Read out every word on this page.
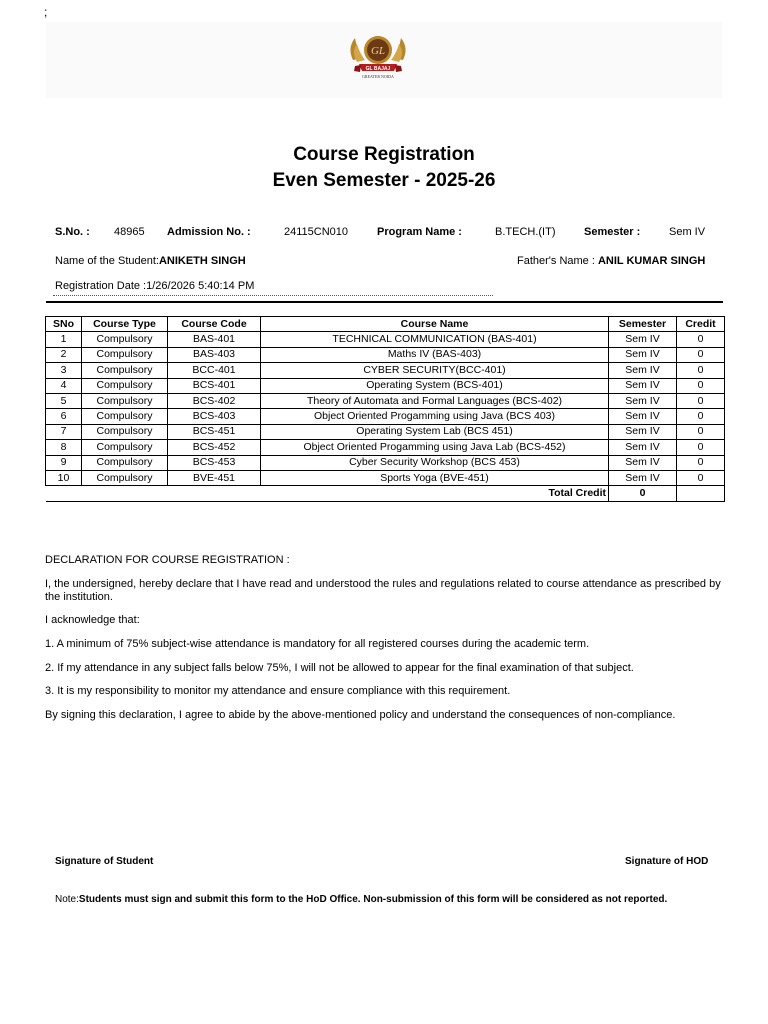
;
GL
GL BAJAJ
GREATER NOIDA
Course Registration
Even Semester - 2025-26
S.No. : 48965 Admission No. :	24115CN010	Program Name :	B.TECH.(IT)	Semester :	Sem IV
Name of the Student:ANIKETH SINGH	Father's Name : ANIL KUMAR SINGH
Registration Date :1/26/2026 5:40:14 PM
SNo	Course Type	Course Code	Course Name	Semester	Credit
1	Compulsory	BAS-401	TECHNICAL COMMUNICATION (BAS-401)	Sem IV	0
2	Compulsory	BAS-403	Maths IV (BAS-403)	Sem IV	0
3	Compulsory	BCC-401	CYBER SECURITY(BCC-401)	Sem IV	0
4	Compulsory	BCS-401	Operating System (BCS-401)	Sem IV	0
5	Compulsory	BCS-402	Theory of Automata and Formal Languages (BCS-402)	Sem IV	0
6	Compulsory	BCS-403	Object Oriented Progamming using Java (BCS 403)	Sem IV	0
7	Compulsory	BCS-451	Operating System Lab (BCS 451)	Sem IV	0
8	Compulsory	BCS-452	Object Oriented Progamming using Java Lab (BCS-452)	Sem IV	0
9	Compulsory	BCS-453	Cyber Security Workshop (BCS 453)	Sem IV	0
10	Compulsory	BVE-451	Sports Yoga (BVE-451)	Sem IV	0
Total Credit				0	
DECLARATION FOR COURSE REGISTRATION :
I, the undersigned, hereby declare that I have read and understood the rules and regulations related to course attendance as prescribed by the institution.
I acknowledge that:
1. A minimum of 75% subject-wise attendance is mandatory for all registered courses during the academic term.
2. If my attendance in any subject falls below 75%, I will not be allowed to appear for the final examination of that subject.
3. It is my responsibility to monitor my attendance and ensure compliance with this requirement.
By signing this declaration, I agree to abide by the above-mentioned policy and understand the consequences of non-compliance.
Signature of Student	Signature of HOD
Note:Students must sign and submit this form to the HoD Office. Non-submission of this form will be considered as not reported.
